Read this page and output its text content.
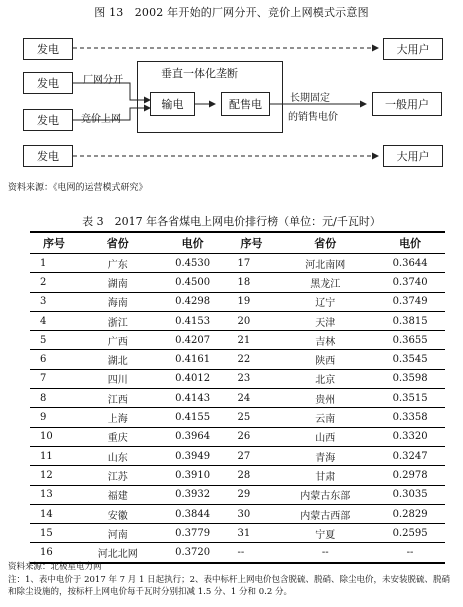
图 13　2002 年开始的厂网分开、竞价上网模式示意图
发电
发电
发电
发电
厂网分开
竞价上网
垂直一体化垄断
输电	配售电	长期固定
的销售电价
大用户
一般用户
大用户
资料来源：《电网的运营模式研究》
表 3　2017 年各省煤电上网电价排行榜（单位：元/千瓦时）
序号	省份	电价	序号	省份	电价
1	广东	0.4530	17	河北南网	0.3644
2	湖南	0.4500	18	黑龙江	0.3740
3	海南	0.4298	19	辽宁	0.3749
4	浙江	0.4153	20	天津	0.3815
5	广西	0.4207	21	吉林	0.3655
6	湖北	0.4161	22	陕西	0.3545
7	四川	0.4012	23	北京	0.3598
8	江西	0.4143	24	贵州	0.3515
9	上海	0.4155	25	云南	0.3358
10	重庆	0.3964	26	山西	0.3320
11	山东	0.3949	27	青海	0.3247
12	江苏	0.3910	28	甘肃	0.2978
13	福建	0.3932	29	内蒙古东部	0.3035
14	安徽	0.3844	30	内蒙古西部	0.2829
15	河南	0.3779	31	宁夏	0.2595
16	河北北网	0.3720	--	--	--
资料来源：北极星电力网
注：1、表中电价于 2017 年 7 月 1 日起执行；2、表中标杆上网电价包含脱硫、脱硝、除尘电价，未安装脱硫、脱硝和除尘设施的，按标杆上网电价每千瓦时分别扣减 1.5 分、1 分和 0.2 分。
